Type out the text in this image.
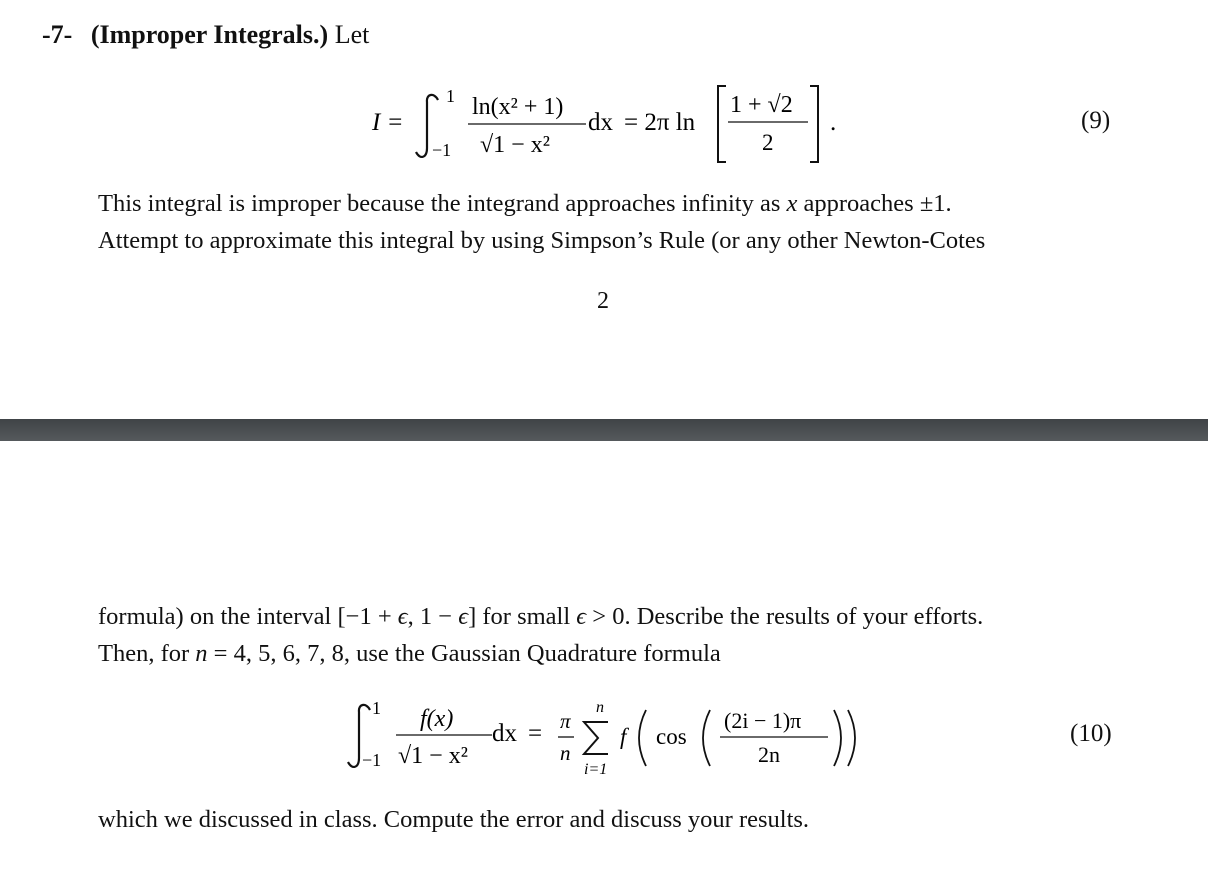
-7- (Improper Integrals.) Let
I =
1
−1
ln(x² + 1)
√1 − x²
dx = 2π ln
1 + √2
2
.	(9)
This integral is improper because the integrand approaches infinity as x approaches ±1.
Attempt to approximate this integral by using Simpson’s Rule (or any other Newton-Cotes
2
formula) on the interval [−1 + ϵ, 1 − ϵ] for small ϵ > 0. Describe the results of your efforts.
Then, for n = 4, 5, 6, 7, 8, use the Gaussian Quadrature formula
1
−1
f(x)
√1 − x²
dx = π
n
n
i=1
f cos
(2i − 1)π
2n
(10)
which we discussed in class. Compute the error and discuss your results.
